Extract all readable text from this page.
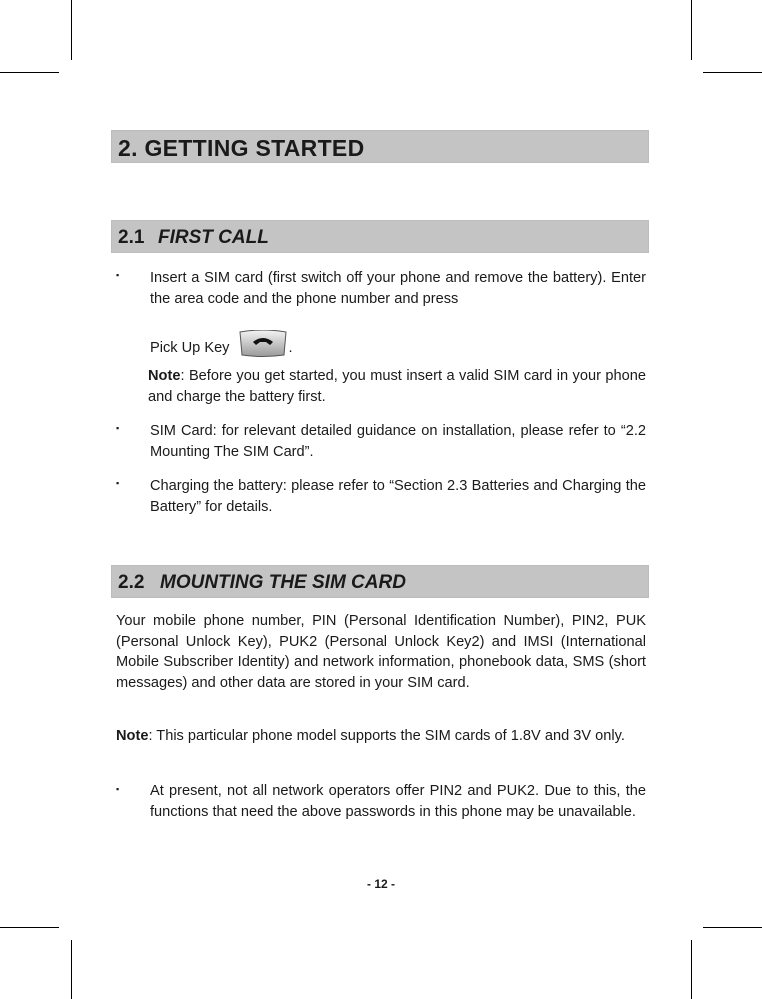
2. GETTING STARTED
2.1 FIRST CALL
▪ Insert a SIM card (first switch off your phone and remove the battery). Enter the area code and the phone number and press
Pick Up Key	.
Note: Before you get started, you must insert a valid SIM card in your phone and charge the battery first.
▪ SIM Card: for relevant detailed guidance on installation, please refer to “2.2 Mounting The SIM Card”.
▪ Charging the battery: please refer to “Section 2.3 Batteries and Charging the Battery” for details.
2.2 MOUNTING THE SIM CARD
Your mobile phone number, PIN (Personal Identification Number), PIN2, PUK (Personal Unlock Key), PUK2 (Personal Unlock Key2) and IMSI (International Mobile Subscriber Identity) and network information, phonebook data, SMS (short messages) and other data are stored in your SIM card.
Note: This particular phone model supports the SIM cards of 1.8V and 3V only.
▪ At present, not all network operators offer PIN2 and PUK2. Due to this, the functions that need the above passwords in this phone may be unavailable.
- 12 -
